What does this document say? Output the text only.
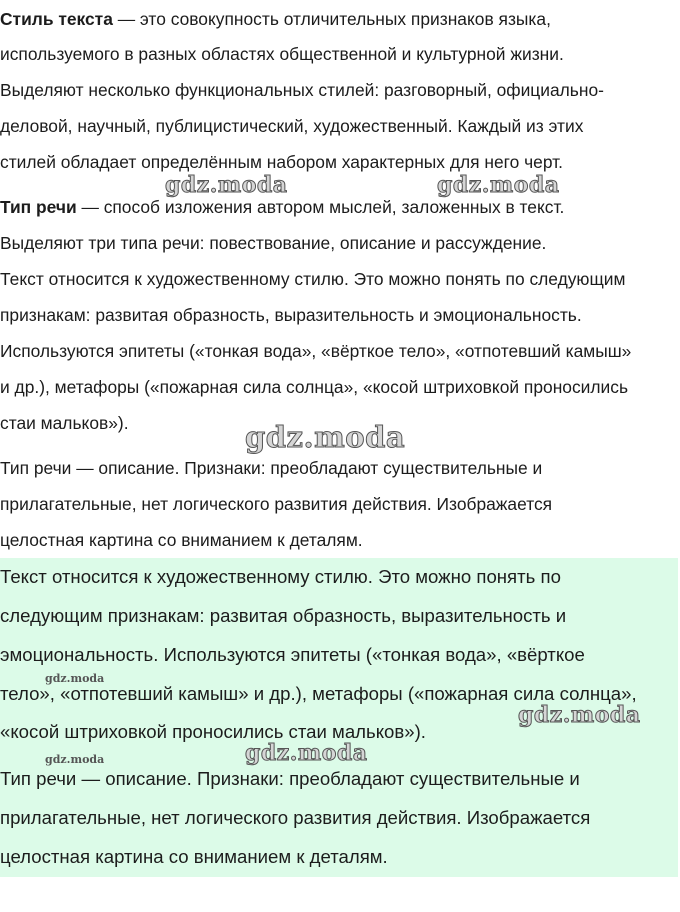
Стиль текста — это совокупность отличительных признаков языка,
используемого в разных областях общественной и культурной жизни.
Выделяют несколько функциональных стилей: разговорный, официально-
деловой, научный, публицистический, художественный. Каждый из этих
стилей обладает определённым набором характерных для него черт.
Тип речи — способ изложения автором мыслей, заложенных в текст.
Выделяют три типа речи: повествование, описание и рассуждение.
Текст относится к художественному стилю. Это можно понять по следующим
признакам: развитая образность, выразительность и эмоциональность.
Используются эпитеты («тонкая вода», «вёрткое тело», «отпотевший камыш»
и др.), метафоры («пожарная сила солнца», «косой штриховкой проносились
стаи мальков»).
Тип речи — описание. Признаки: преобладают существительные и
прилагательные, нет логического развития действия. Изображается
целостная картина со вниманием к деталям.
Текст относится к художественному стилю. Это можно понять по
следующим признакам: развитая образность, выразительность и
эмоциональность. Используются эпитеты («тонкая вода», «вёрткое
тело», «отпотевший камыш» и др.), метафоры («пожарная сила солнца»,
«косой штриховкой проносились стаи мальков»).
Тип речи — описание. Признаки: преобладают существительные и
прилагательные, нет логического развития действия. Изображается
целостная картина со вниманием к деталям.
gdz.moda	gdz.moda
gdz.moda
gdz.moda
gdz.moda
gdz.moda
gdz.moda
